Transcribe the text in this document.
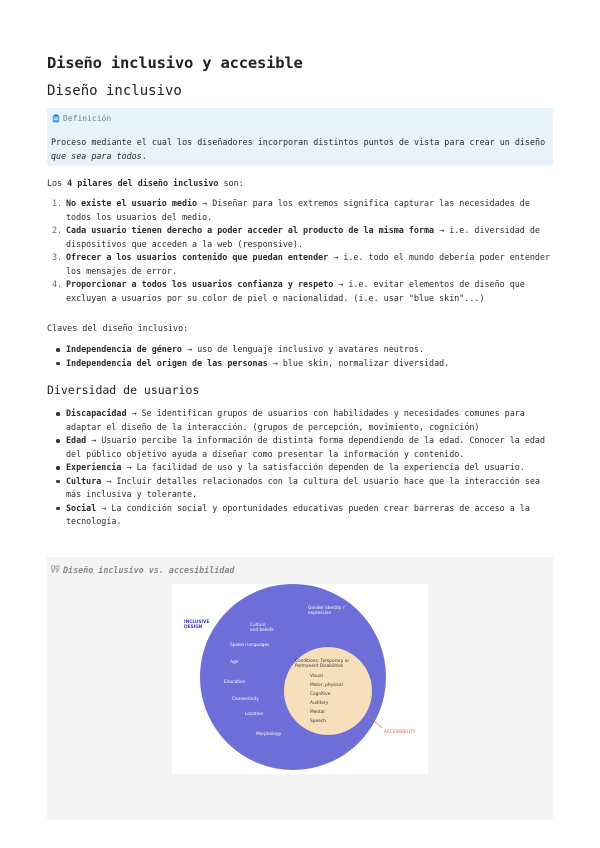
Diseño inclusivo y accesible
Diseño inclusivo
Definición
Proceso mediante el cual los diseñadores incorporan distintos puntos de vista para crear un diseño que sea para todos.
Los 4 pilares del diseño inclusivo son:
1. No existe el usuario medio → Diseñar para los extremos significa capturar las necesidades de todos los usuarios del medio.
2. Cada usuario tienen derecho a poder acceder al producto de la misma forma → i.e. diversidad de dispositivos que acceden a la web (responsive).
3. Ofrecer a los usuarios contenido que puedan entender → i.e. todo el mundo debería poder entender los mensajes de error.
4. Proporcionar a todos los usuarios confianza y respeto → i.e. evitar elementos de diseño que excluyan a usuarios por su color de piel o nacionalidad. (i.e. usar "blue skin"...)
Claves del diseño inclusivo:
Independencia de género → uso de lenguaje inclusivo y avatares neutros.
Independencia del origen de las personas → blue skin, normalizar diversidad.
Diversidad de usuarios
Discapacidad → Se identifican grupos de usuarios con habilidades y necesidades comunes para adaptar el diseño de la interacción. (grupos de percepción, movimiento, cognición)
Edad → Usuario percibe la información de distinta forma dependiendo de la edad. Conocer la edad del público objetivo ayuda a diseñar como presentar la información y contenido.
Experiencia → La facilidad de uso y la satisfacción dependen de la experiencia del usuario.
Cultura → Incluir detalles relacionados con la cultura del usuario hace que la interacción sea más inclusiva y tolerante.
Social → La condición social y oportunidades educativas pueden crear barreras de acceso a la tecnología.
Diseño inclusivo vs. accesibilidad
INCLUSIVE
DESIGN
ACCESSIBILITY
Gender identity /
expression
Culture
and beliefs
Spoken languages
Age
Education
Connectivity
Location
Morphology
Conditions: Temporary or
Permanent Disabilities
Visual
Motor, physical
Cognitive
Auditory
Mental
Speech
